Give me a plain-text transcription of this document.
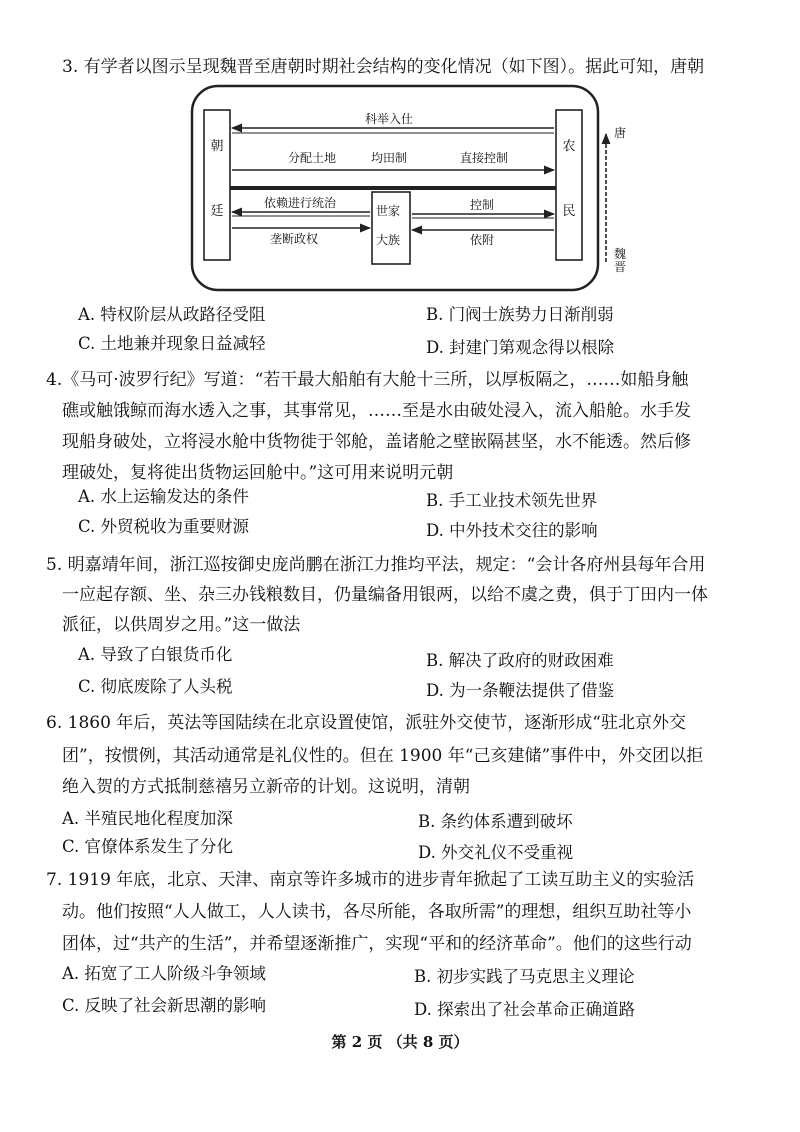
3. 有学者以图示呈现魏晋至唐朝时期社会结构的变化情况（如下图）。据此可知，唐朝
朝
廷
农
民
世家
大族
科举入仕
分配土地	均田制	直接控制
依赖进行统治
垄断政权
控制
依附
唐
魏晋
A. 特权阶层从政路径受阻	B. 门阀士族势力日渐削弱
C. 土地兼并现象日益减轻	D. 封建门第观念得以根除
4.《马可·波罗行纪》写道：“若干最大船舶有大舱十三所，以厚板隔之，……如船身触
礁或触饿鲸而海水透入之事，其事常见，……至是水由破处浸入，流入船舱。水手发
现船身破处，立将浸水舱中货物徙于邻舱，盖诸舱之壁嵌隔甚坚，水不能透。然后修
理破处，复将徙出货物运回舱中。”这可用来说明元朝
A. 水上运输发达的条件	B. 手工业技术领先世界
C. 外贸税收为重要财源	D. 中外技术交往的影响
5. 明嘉靖年间，浙江巡按御史庞尚鹏在浙江力推均平法，规定：“会计各府州县每年合用
一应起存额、坐、杂三办钱粮数目，仍量编备用银两，以给不虞之费，俱于丁田内一体
派征，以供周岁之用。”这一做法
A. 导致了白银货币化	B. 解决了政府的财政困难
C. 彻底废除了人头税	D. 为一条鞭法提供了借鉴
6. 1860 年后，英法等国陆续在北京设置使馆，派驻外交使节，逐渐形成“驻北京外交
团”，按惯例，其活动通常是礼仪性的。但在 1900 年“己亥建储”事件中，外交团以拒
绝入贺的方式抵制慈禧另立新帝的计划。这说明，清朝
A. 半殖民地化程度加深	B. 条约体系遭到破坏
C. 官僚体系发生了分化	D. 外交礼仪不受重视
7. 1919 年底，北京、天津、南京等许多城市的进步青年掀起了工读互助主义的实验活
动。他们按照“人人做工，人人读书，各尽所能，各取所需”的理想，组织互助社等小
团体，过“共产的生活”，并希望逐渐推广，实现“平和的经济革命”。他们的这些行动
A. 拓宽了工人阶级斗争领域	B. 初步实践了马克思主义理论
C. 反映了社会新思潮的影响	D. 探索出了社会革命正确道路
第 2 页 （共 8 页）
